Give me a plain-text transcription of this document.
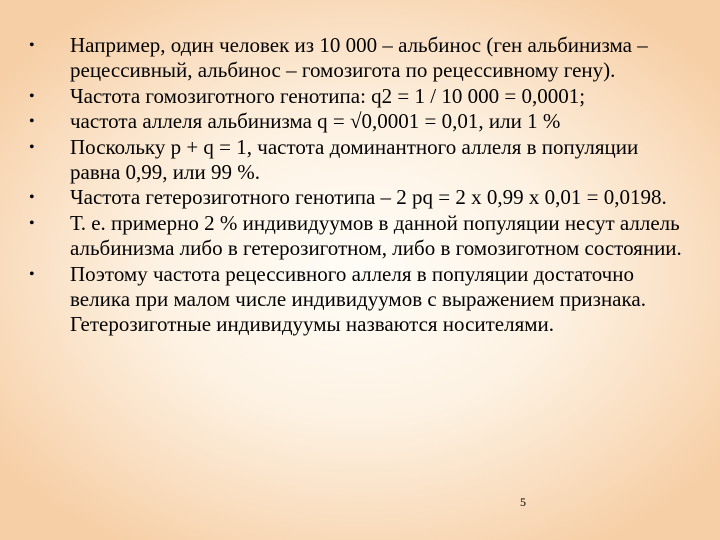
• Например, один человек из 10 000 – альбинос (ген альбинизма – рецессивный, альбинос – гомозигота по рецессивному гену).
• Частота гомозиготного генотипа: q2 = 1 / 10 000 = 0,0001;
• частота аллеля альбинизма q = √0,0001 = 0,01, или 1 %
• Поскольку p + q = 1, частота доминантного аллеля в популяции равна 0,99, или 99 %.
• Частота гетерозиготного генотипа – 2 pq = 2 x 0,99 x 0,01 = 0,0198.
• Т. е. примерно 2 % индивидуумов в данной популяции несут аллель альбинизма либо в гетерозиготном, либо в гомозиготном состоянии.
• Поэтому частота рецессивного аллеля в популяции достаточно велика при малом числе индивидуумов с выражением признака. Гетерозиготные индивидуумы назваются носителями.
5
